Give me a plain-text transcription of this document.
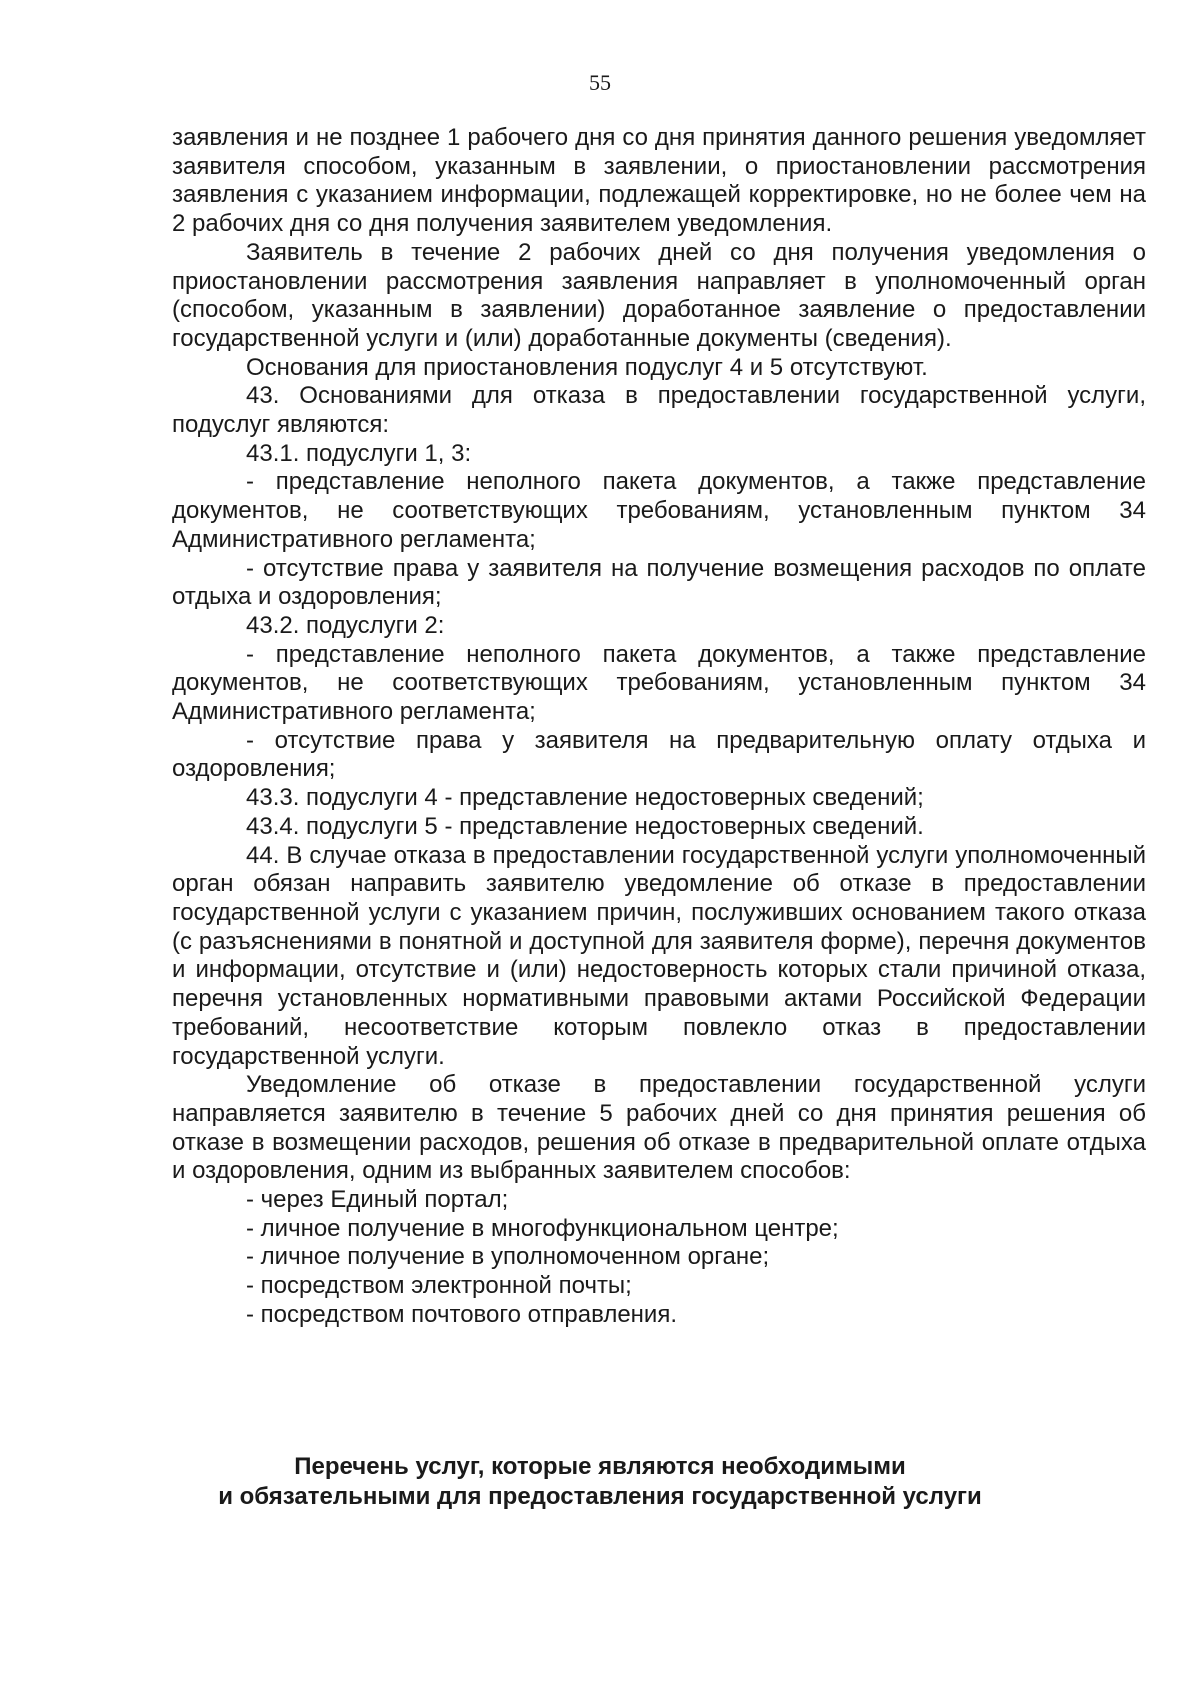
55

заявления и не позднее 1 рабочего дня со дня принятия данного решения уведомляет заявителя способом, указанным в заявлении, о приостановлении рассмотрения заявления с указанием информации, подлежащей корректировке, но не более чем на 2 рабочих дня со дня получения заявителем уведомления.

Заявитель в течение 2 рабочих дней со дня получения уведомления о приостановлении рассмотрения заявления направляет в уполномоченный орган (способом, указанным в заявлении) доработанное заявление о предоставлении государственной услуги и (или) доработанные документы (сведения).

Основания для приостановления подуслуг 4 и 5 отсутствуют.

43. Основаниями для отказа в предоставлении государственной услуги, подуслуг являются:

43.1. подуслуги 1, 3:

- представление неполного пакета документов, а также представление документов, не соответствующих требованиям, установленным пунктом 34 Административного регламента;

- отсутствие права у заявителя на получение возмещения расходов по оплате отдыха и оздоровления;

43.2. подуслуги 2:

- представление неполного пакета документов, а также представление документов, не соответствующих требованиям, установленным пунктом 34 Административного регламента;

- отсутствие права у заявителя на предварительную оплату отдыха и оздоровления;

43.3. подуслуги 4 - представление недостоверных сведений;

43.4. подуслуги 5 - представление недостоверных сведений.

44. В случае отказа в предоставлении государственной услуги уполномоченный орган обязан направить заявителю уведомление об отказе в предоставлении государственной услуги с указанием причин, послуживших основанием такого отказа (с разъяснениями в понятной и доступной для заявителя форме), перечня документов и информации, отсутствие и (или) недостоверность которых стали причиной отказа, перечня установленных нормативными правовыми актами Российской Федерации требований, несоответствие которым повлекло отказ в предоставлении государственной услуги.

Уведомление об отказе в предоставлении государственной услуги направляется заявителю в течение 5 рабочих дней со дня принятия решения об отказе в возмещении расходов, решения об отказе в предварительной оплате отдыха и оздоровления, одним из выбранных заявителем способов:

- через Единый портал;

- личное получение в многофункциональном центре;

- личное получение в уполномоченном органе;

- посредством электронной почты;

- посредством почтового отправления.

Перечень услуг, которые являются необходимыми
и обязательными для предоставления государственной услуги
